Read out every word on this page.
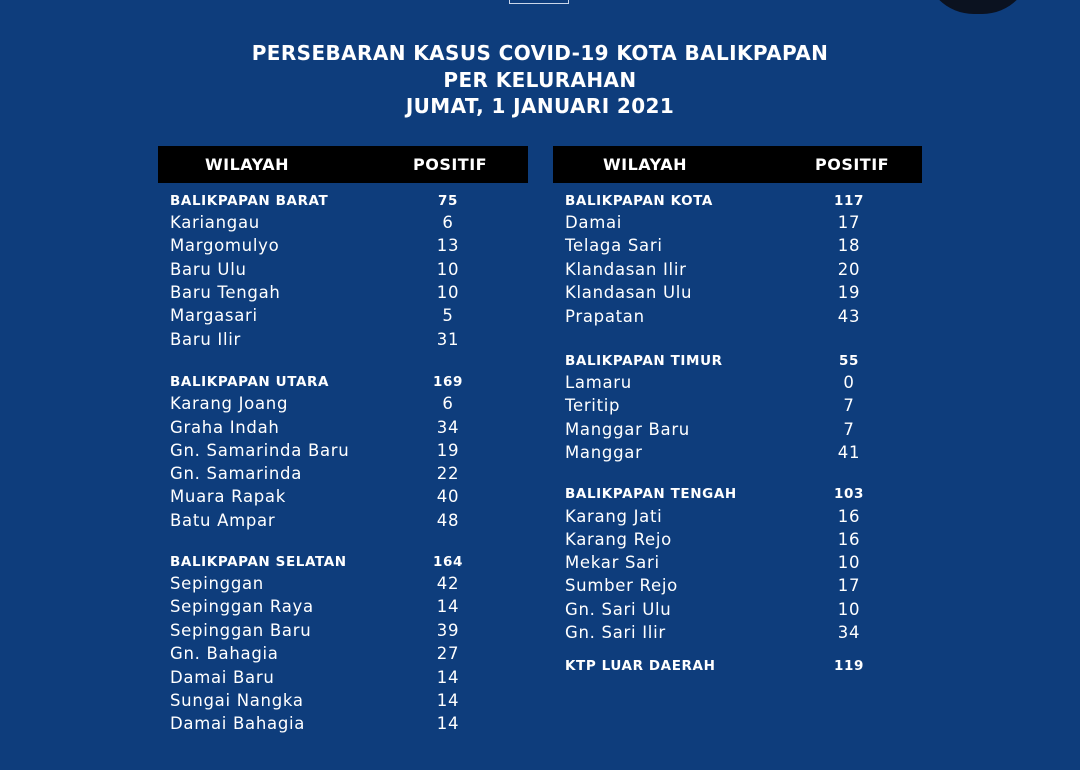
PERSEBARAN KASUS COVID-19 KOTA BALIKPAPAN
PER KELURAHAN
JUMAT, 1 JANUARI 2021
WILAYAH	POSITIF
BALIKPAPAN BARAT	75
Kariangau	6
Margomulyo	13
Baru Ulu	10
Baru Tengah	10
Margasari	5
Baru Ilir	31
BALIKPAPAN UTARA	169
Karang Joang	6
Graha Indah	34
Gn. Samarinda Baru	19
Gn. Samarinda	22
Muara Rapak	40
Batu Ampar	48
BALIKPAPAN SELATAN	164
Sepinggan	42
Sepinggan Raya	14
Sepinggan Baru	39
Gn. Bahagia	27
Damai Baru	14
Sungai Nangka	14
Damai Bahagia	14
WILAYAH	POSITIF
BALIKPAPAN KOTA	117
Damai	17
Telaga Sari	18
Klandasan Ilir	20
Klandasan Ulu	19
Prapatan	43
BALIKPAPAN TIMUR	55
Lamaru	0
Teritip	7
Manggar Baru	7
Manggar	41
BALIKPAPAN TENGAH	103
Karang Jati	16
Karang Rejo	16
Mekar Sari	10
Sumber Rejo	17
Gn. Sari Ulu	10
Gn. Sari Ilir	34
KTP LUAR DAERAH	119
